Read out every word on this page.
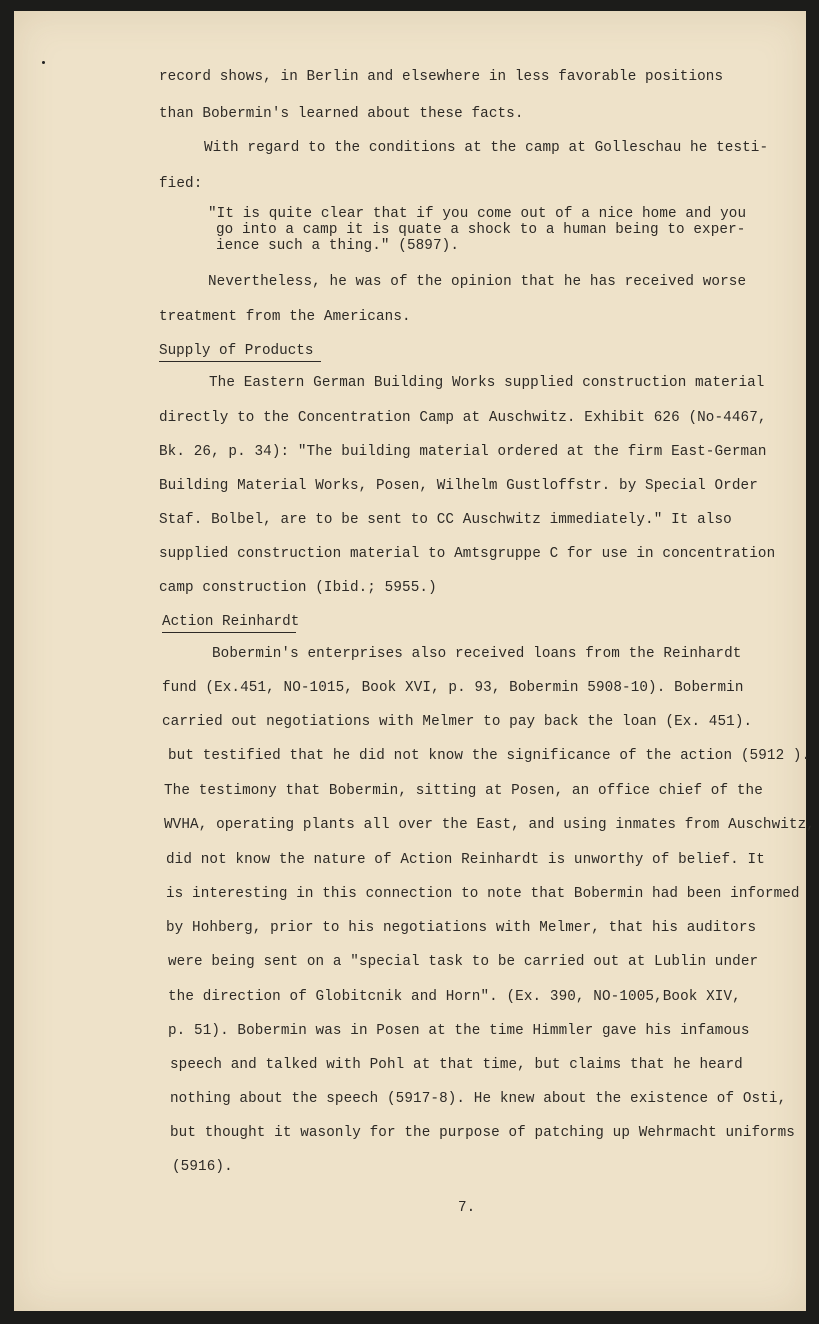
record shows, in Berlin and elsewhere in less favorable positions

than Bobermin's learned about these facts.

With regard to the conditions at the camp at Golleschau he testi-

fied:

"It is quite clear that if you come out of a nice home and you

go into a camp it is quate a shock to a human being to exper-

ience such a thing." (5897).

Nevertheless, he was of the opinion that he has received worse

treatment from the Americans.

Supply of Products

The Eastern German Building Works supplied construction material

directly to the Concentration Camp at Auschwitz. Exhibit 626 (No-4467,

Bk. 26, p. 34): "The building material ordered at the firm East-German

Building Material Works, Posen, Wilhelm Gustloffstr. by Special Order

Staf. Bolbel, are to be sent to CC Auschwitz immediately." It also

supplied construction material to Amtsgruppe C for use in concentration

camp construction (Ibid.; 5955.)

Action Reinhardt

Bobermin's enterprises also received loans from the Reinhardt

fund (Ex.451, NO-1015, Book XVI, p. 93, Bobermin 5908-10). Bobermin

carried out negotiations with Melmer to pay back the loan (Ex. 451).

but testified that he did not know the significance of the action (5912 ).

The testimony that Bobermin, sitting at Posen, an office chief of the

WVHA, operating plants all over the East, and using inmates from Auschwitz,

did not know the nature of Action Reinhardt is unworthy of belief. It

is interesting in this connection to note that Bobermin had been informed

by Hohberg, prior to his negotiations with Melmer, that his auditors

were being sent on a "special task to be carried out at Lublin under

the direction of Globitcnik and Horn". (Ex. 390, NO-1005,Book XIV,

p. 51). Bobermin was in Posen at the time Himmler gave his infamous

speech and talked with Pohl at that time, but claims that he heard

nothing about the speech (5917-8). He knew about the existence of Osti,

but thought it wasonly for the purpose of patching up Wehrmacht uniforms

(5916).

7.
